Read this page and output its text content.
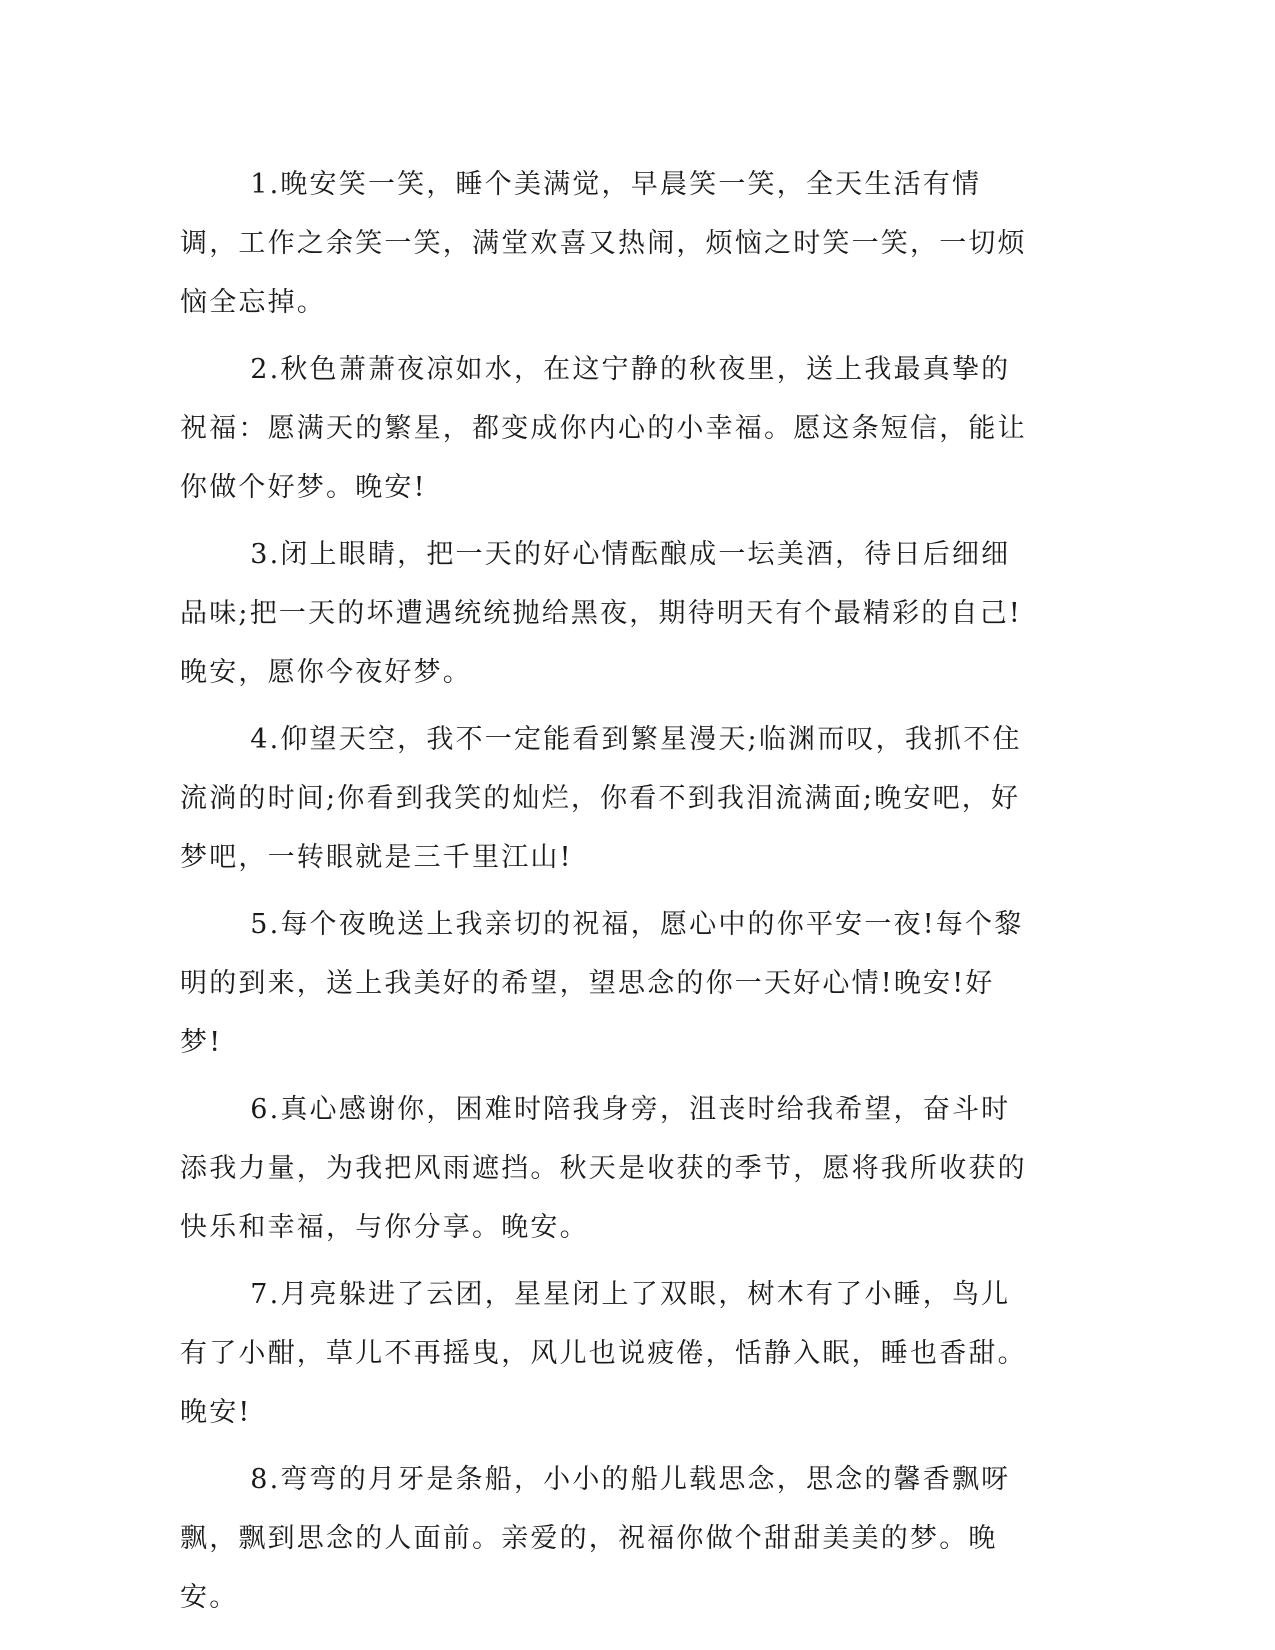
1.晚安笑一笑，睡个美满觉，早晨笑一笑，全天生活有情调，工作之余笑一笑，满堂欢喜又热闹，烦恼之时笑一笑，一切烦恼全忘掉。

2.秋色萧萧夜凉如水，在这宁静的秋夜里，送上我最真挚的祝福：愿满天的繁星，都变成你内心的小幸福。愿这条短信，能让你做个好梦。晚安!

3.闭上眼睛，把一天的好心情酝酿成一坛美酒，待日后细细品味;把一天的坏遭遇统统抛给黑夜，期待明天有个最精彩的自己!晚安，愿你今夜好梦。

4.仰望天空，我不一定能看到繁星漫天;临渊而叹，我抓不住流淌的时间;你看到我笑的灿烂，你看不到我泪流满面;晚安吧，好梦吧，一转眼就是三千里江山!

5.每个夜晚送上我亲切的祝福，愿心中的你平安一夜!每个黎明的到来，送上我美好的希望，望思念的你一天好心情!晚安!好梦!

6.真心感谢你，困难时陪我身旁，沮丧时给我希望，奋斗时添我力量，为我把风雨遮挡。秋天是收获的季节，愿将我所收获的快乐和幸福，与你分享。晚安。

7.月亮躲进了云团，星星闭上了双眼，树木有了小睡，鸟儿有了小酣，草儿不再摇曳，风儿也说疲倦，恬静入眠，睡也香甜。晚安!

8.弯弯的月牙是条船，小小的船儿载思念，思念的馨香飘呀飘，飘到思念的人面前。亲爱的，祝福你做个甜甜美美的梦。晚安。
